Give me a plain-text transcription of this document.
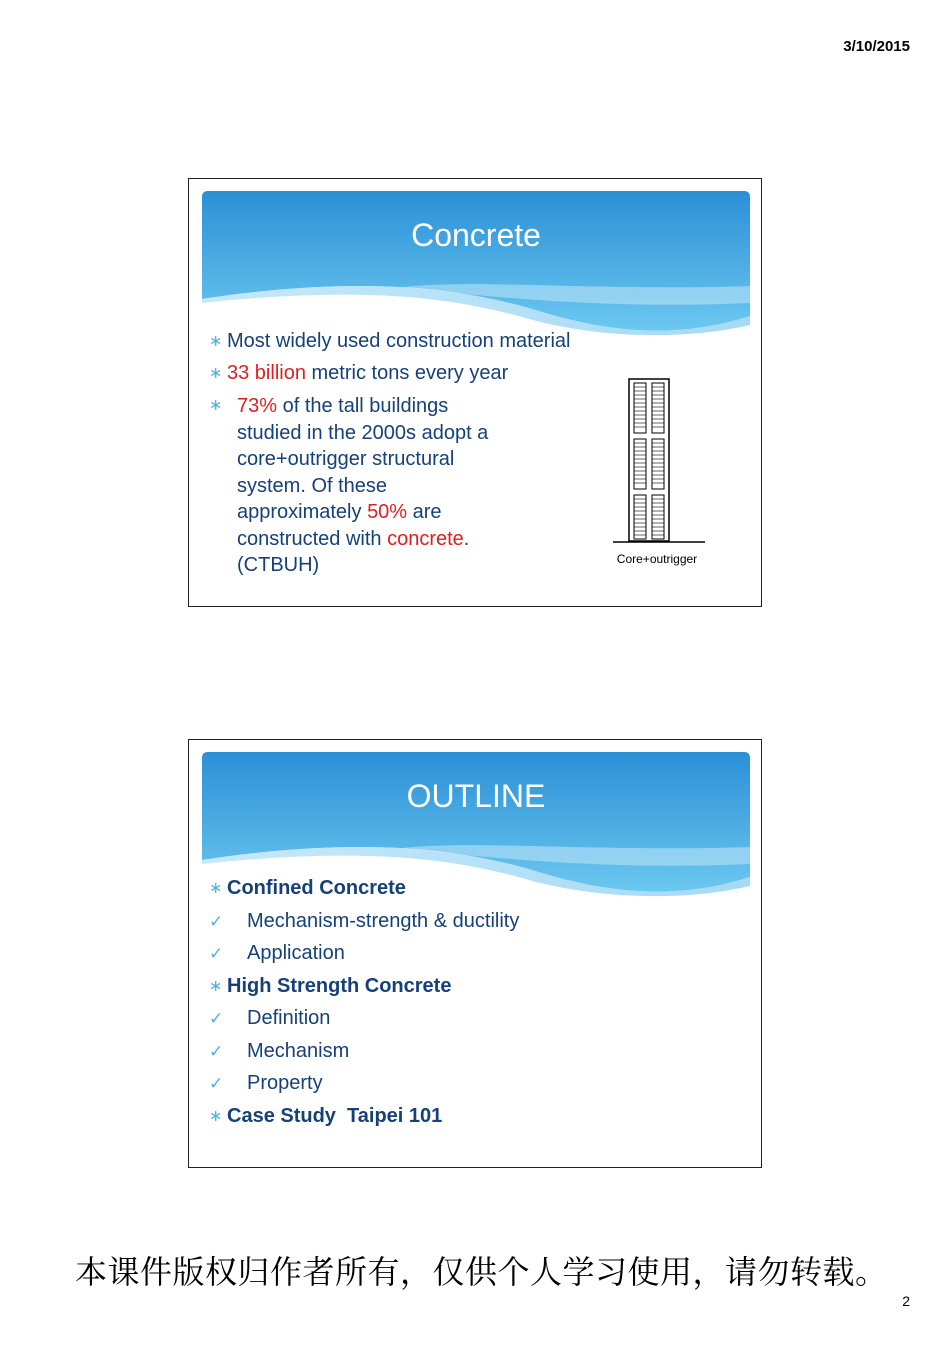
3/10/2015
Concrete
∗ Most widely used construction material
∗ 33 billion metric tons every year
∗ 73% of the tall buildings
studied in the 2000s adopt a
core+outrigger structural
system. Of these
approximately 50% are
constructed with concrete.
(CTBUH)	Core+outrigger
OUTLINE
∗ Confined Concrete
✓ Mechanism-strength & ductility
✓ Application
∗ High Strength Concrete
✓ Definition
✓ Mechanism
✓ Property
∗ Case Study  Taipei 101
本课件版权归作者所有，仅供个人学习使用，请勿转载。
2
